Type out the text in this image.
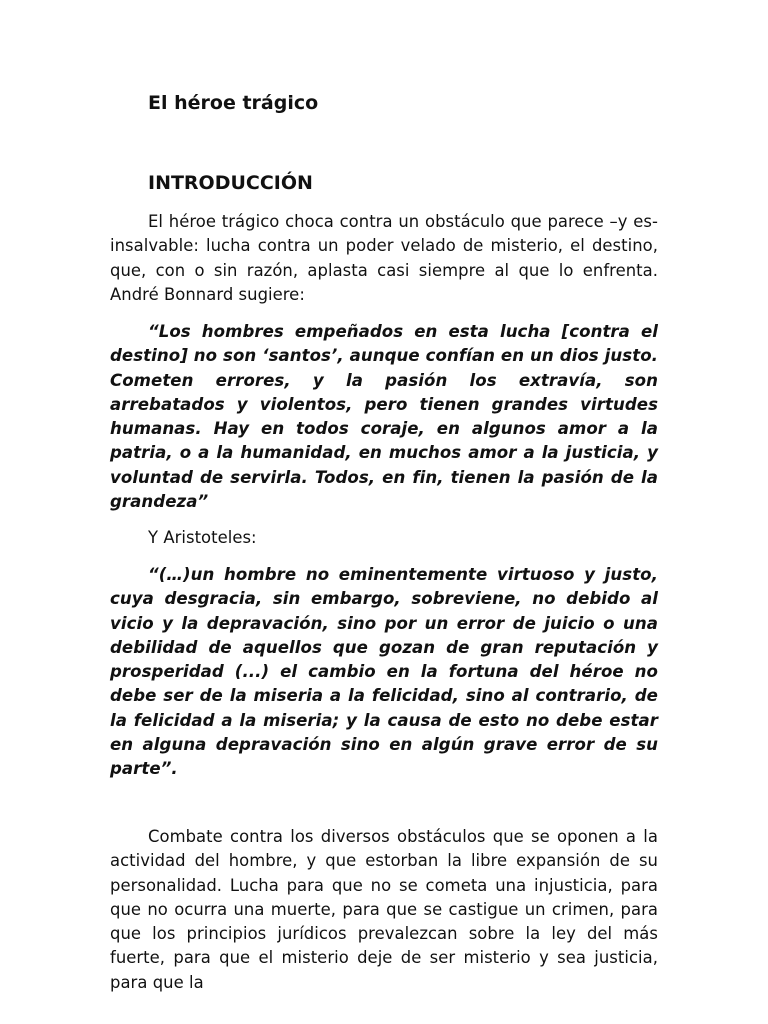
El héroe trágico
INTRODUCCIÓN

El héroe trágico choca contra un obstáculo que parece –y es- insalvable: lucha contra un poder velado de misterio, el destino, que, con o sin razón, aplasta casi siempre al que lo enfrenta. André Bonnard sugiere:

“Los hombres empeñados en esta lucha [contra el destino] no son ‘santos’, aunque confían en un dios justo. Cometen errores, y la pasión los extravía, son arrebatados y violentos, pero tienen grandes virtudes humanas. Hay en todos coraje, en algunos amor a la patria, o a la humanidad, en muchos amor a la justicia, y voluntad de servirla. Todos, en fin, tienen la pasión de la grandeza”

Y Aristoteles:

“(…)un hombre no eminentemente virtuoso y justo, cuya desgracia, sin embargo, sobreviene, no debido al vicio y la depravación, sino por un error de juicio o una debilidad de aquellos que gozan de gran reputación y prosperidad (...) el cambio en la fortuna del héroe no debe ser de la miseria a la felicidad, sino al contrario, de la felicidad a la miseria; y la causa de esto no debe estar en alguna depravación sino en algún grave error de su parte”.

Combate contra los diversos obstáculos que se oponen a la actividad del hombre, y que estorban la libre expansión de su personalidad. Lucha para que no se cometa una injusticia, para que no ocurra una muerte, para que se castigue un crimen, para que los principios jurídicos prevalezcan sobre la ley del más fuerte, para que el misterio deje de ser misterio y sea justicia, para que la
